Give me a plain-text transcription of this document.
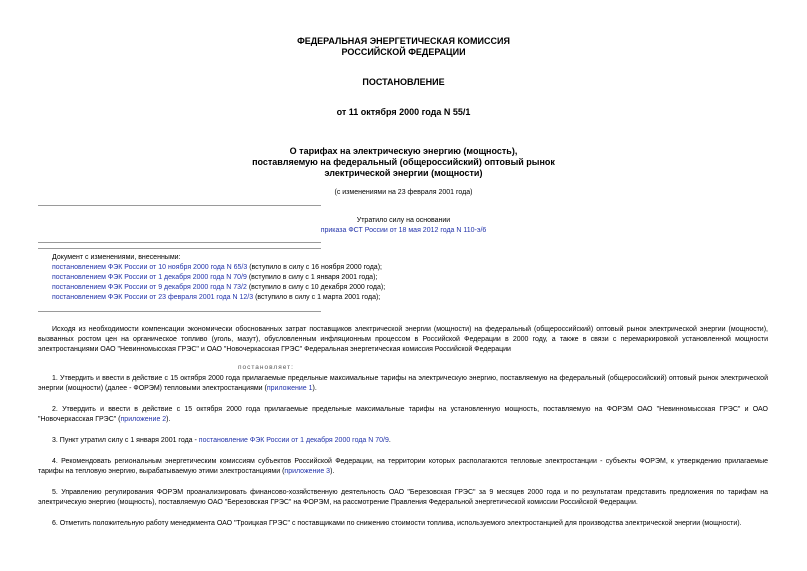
ФЕДЕРАЛЬНАЯ ЭНЕРГЕТИЧЕСКАЯ КОМИССИЯ
РОССИЙСКОЙ ФЕДЕРАЦИИ
ПОСТАНОВЛЕНИЕ
от 11 октября 2000 года N 55/1
О тарифах на электрическую энергию (мощность),
поставляемую на федеральный (общероссийский) оптовый рынок
электрической энергии (мощности)
(с изменениями на 23 февраля 2001 года)
Утратило силу на основании
приказа ФСТ России от 18 мая 2012 года N 110-э/6
Документ с изменениями, внесенными:
постановлением ФЭК России от 10 ноября 2000 года N 65/3 (вступило в силу с 16 ноября 2000 года);
постановлением ФЭК России от 1 декабря 2000 года N 70/9 (вступило в силу с 1 января 2001 года);
постановлением ФЭК России от 9 декабря 2000 года N 73/2 (вступило в силу с 10 декабря 2000 года);
постановлением ФЭК России от 23 февраля 2001 года N 12/3 (вступило в силу с 1 марта 2001 года);
Исходя из необходимости компенсации экономически обоснованных затрат поставщиков электрической энергии (мощности) на федеральный (общероссийский) оптовый рынок электрической энергии (мощности), вызванных ростом цен на органическое топливо (уголь, мазут), обусловленным инфляционным процессом в Российской Федерации в 2000 году, а также в связи с перемаркировкой установленной мощности электростанциями ОАО "Невинномысская ГРЭС" и ОАО "Новочеркасская ГРЭС" Федеральная энергетическая комиссия Российской Федерации
постановляет:
1. Утвердить и ввести в действие с 15 октября 2000 года прилагаемые предельные максимальные тарифы на электрическую энергию, поставляемую на федеральный (общероссийский) оптовый рынок электрической энергии (мощности) (далее - ФОРЭМ) тепловыми электростанциями (приложение 1).
2. Утвердить и ввести в действие с 15 октября 2000 года прилагаемые предельные максимальные тарифы на установленную мощность, поставляемую на ФОРЭМ ОАО "Невинномысская ГРЭС" и ОАО "Новочеркасская ГРЭС" (приложение 2).
3. Пункт утратил силу с 1 января 2001 года - постановление ФЭК России от 1 декабря 2000 года N 70/9.
4. Рекомендовать региональным энергетическим комиссиям субъектов Российской Федерации, на территории которых располагаются тепловые электростанции - субъекты ФОРЭМ, к утверждению прилагаемые тарифы на тепловую энергию, вырабатываемую этими электростанциями (приложение 3).
5. Управлению регулирования ФОРЭМ проанализировать финансово-хозяйственную деятельность ОАО "Березовская ГРЭС" за 9 месяцев 2000 года и по результатам представить предложения по тарифам на электрическую энергию (мощность), поставляемую ОАО "Березовская ГРЭС" на ФОРЭМ, на рассмотрение Правления Федеральной энергетической комиссии Российской Федерации.
6. Отметить положительную работу менеджмента ОАО "Троицкая ГРЭС" с поставщиками по снижению стоимости топлива, используемого электростанцией для производства электрической энергии (мощности).
